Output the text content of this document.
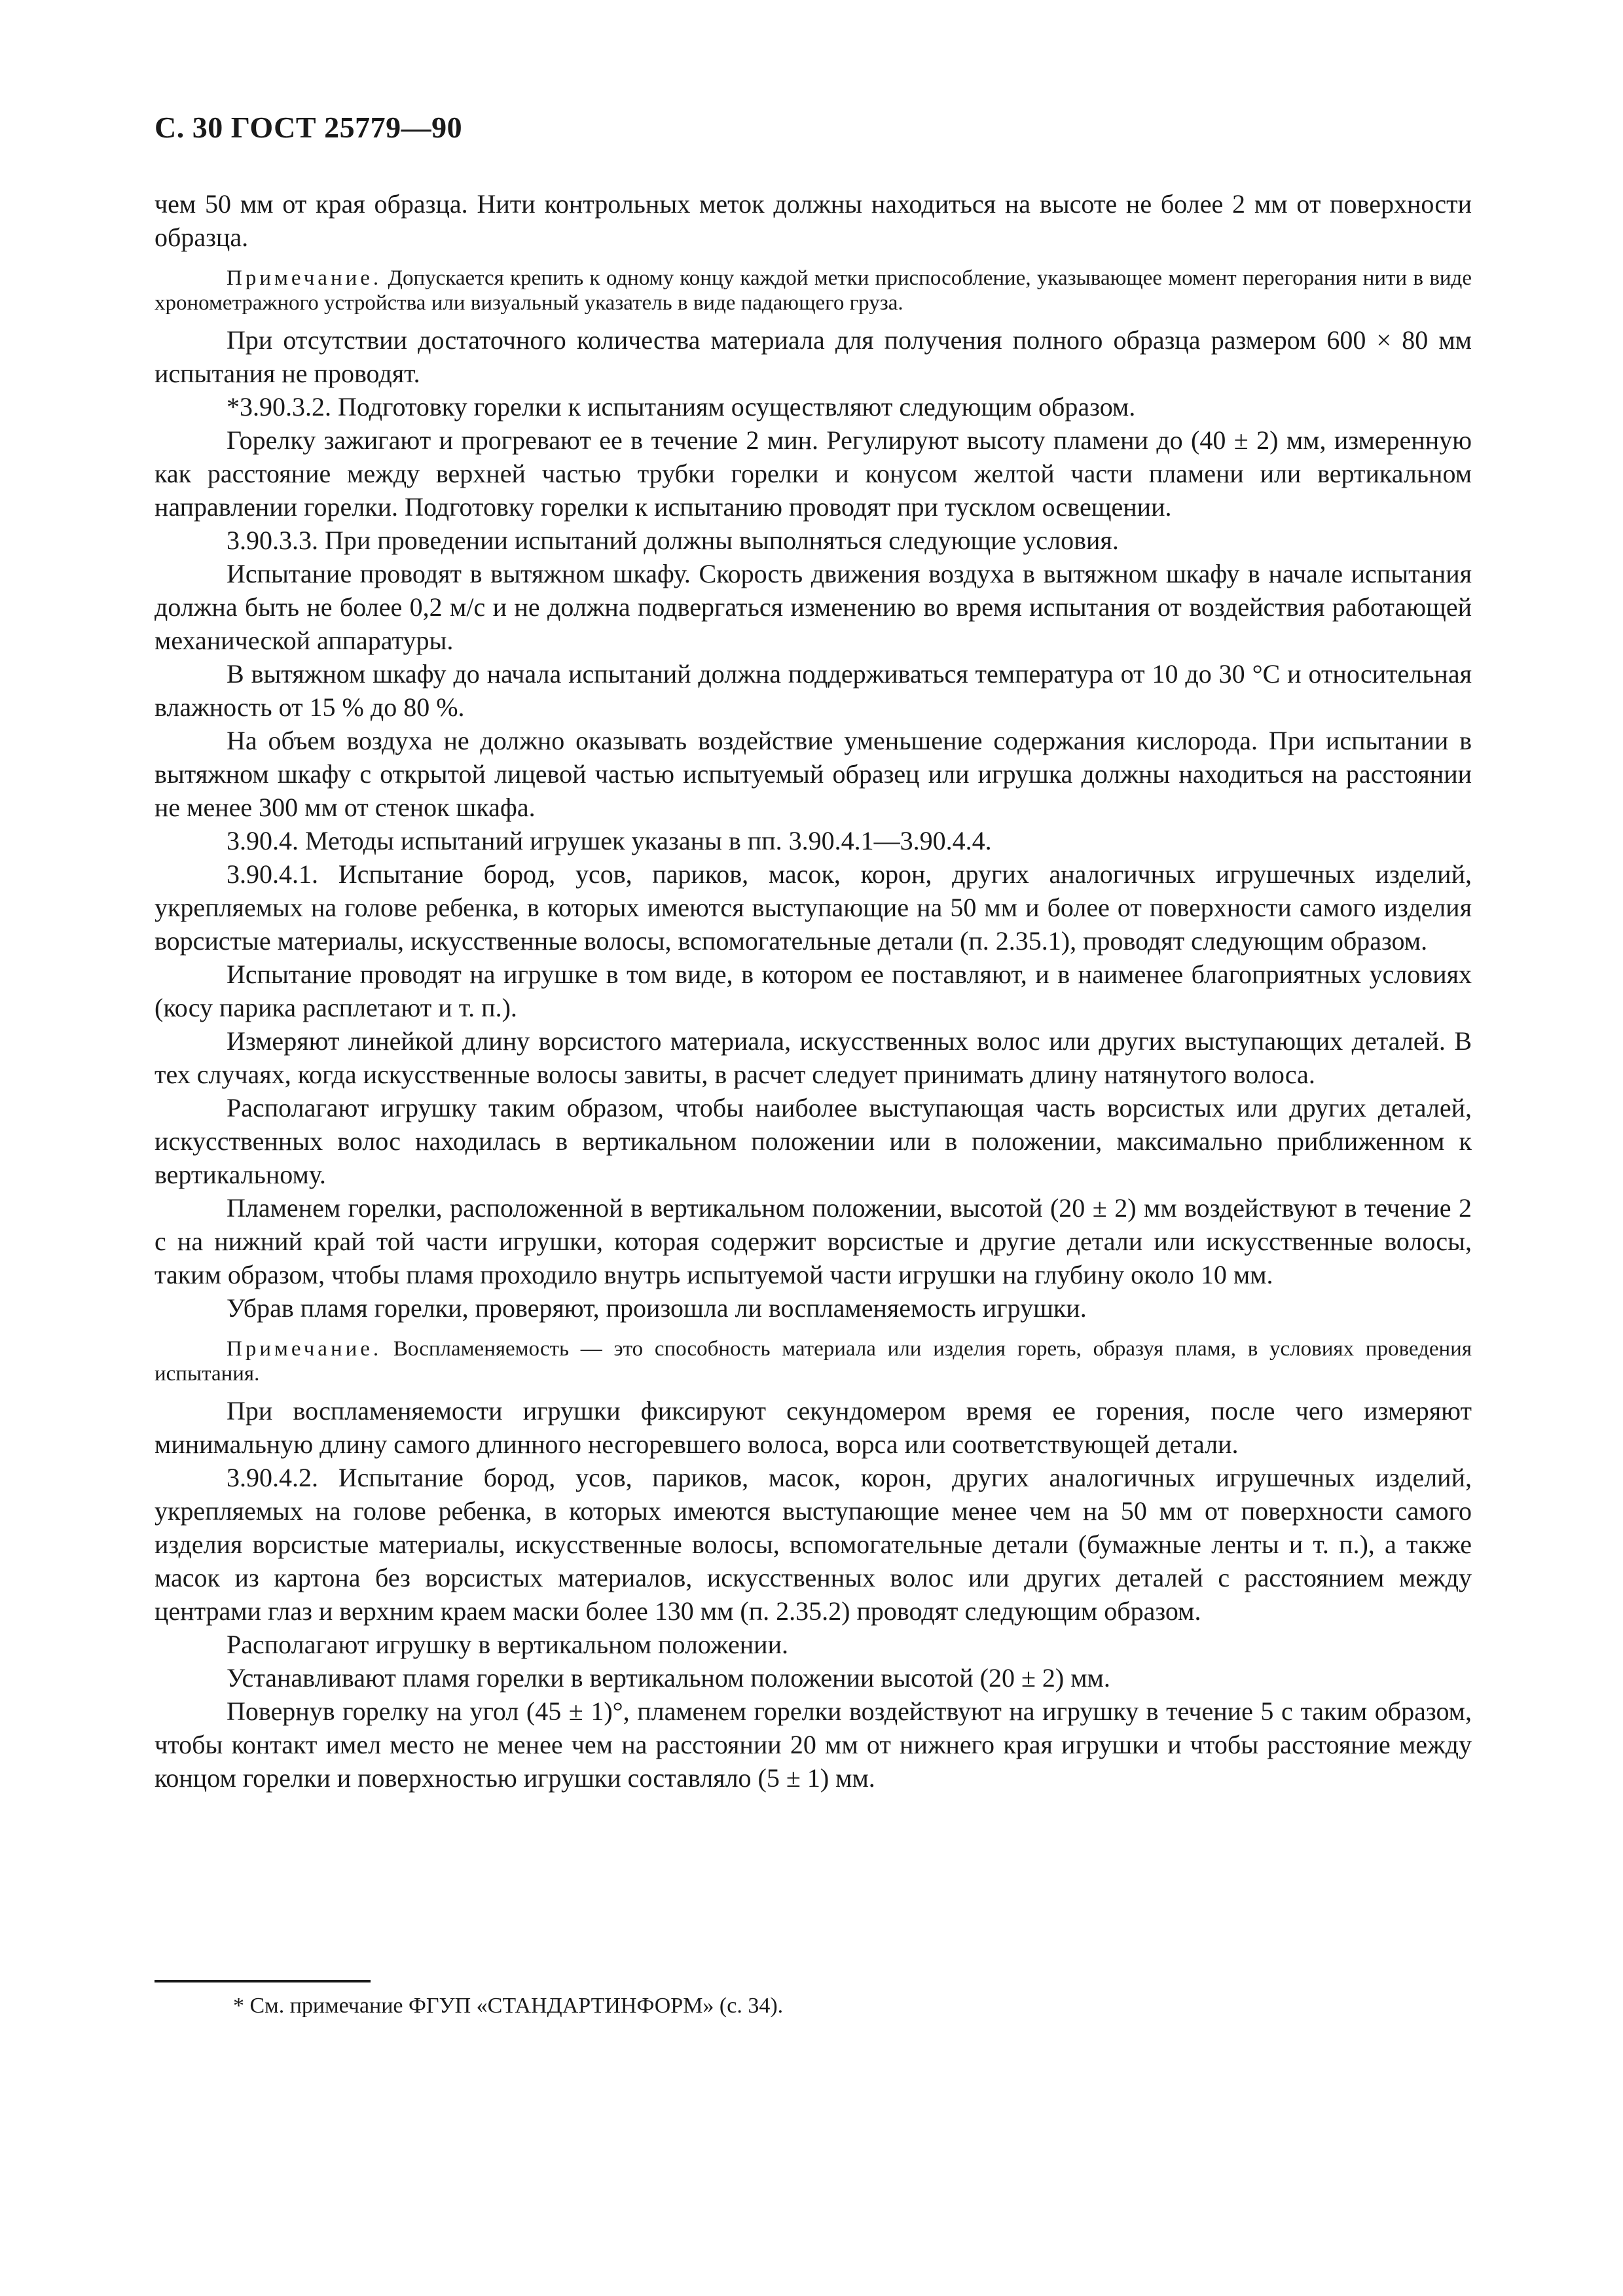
С. 30 ГОСТ 25779—90

чем 50 мм от края образца. Нити контрольных меток должны находиться на высоте не более 2 мм от поверхности образца.

Примечание. Допускается крепить к одному концу каждой метки приспособление, указывающее момент перегорания нити в виде хронометражного устройства или визуальный указатель в виде падающего груза.

При отсутствии достаточного количества материала для получения полного образца размером 600 × 80 мм испытания не проводят.

*3.90.3.2. Подготовку горелки к испытаниям осуществляют следующим образом.

Горелку зажигают и прогревают ее в течение 2 мин. Регулируют высоту пламени до (40 ± 2) мм, измеренную как расстояние между верхней частью трубки горелки и конусом желтой части пламени или вертикальном направлении горелки. Подготовку горелки к испытанию проводят при тусклом освещении.

3.90.3.3. При проведении испытаний должны выполняться следующие условия.

Испытание проводят в вытяжном шкафу. Скорость движения воздуха в вытяжном шкафу в начале испытания должна быть не более 0,2 м/с и не должна подвергаться изменению во время испытания от воздействия работающей механической аппаратуры.

В вытяжном шкафу до начала испытаний должна поддерживаться температура от 10 до 30 °С и относительная влажность от 15 % до 80 %.

На объем воздуха не должно оказывать воздействие уменьшение содержания кислорода. При испытании в вытяжном шкафу с открытой лицевой частью испытуемый образец или игрушка должны находиться на расстоянии не менее 300 мм от стенок шкафа.

3.90.4. Методы испытаний игрушек указаны в пп. 3.90.4.1—3.90.4.4.

3.90.4.1. Испытание бород, усов, париков, масок, корон, других аналогичных игрушечных изделий, укрепляемых на голове ребенка, в которых имеются выступающие на 50 мм и более от поверхности самого изделия ворсистые материалы, искусственные волосы, вспомогательные детали (п. 2.35.1), проводят следующим образом.

Испытание проводят на игрушке в том виде, в котором ее поставляют, и в наименее благоприятных условиях (косу парика расплетают и т. п.).

Измеряют линейкой длину ворсистого материала, искусственных волос или других выступающих деталей. В тех случаях, когда искусственные волосы завиты, в расчет следует принимать длину натянутого волоса.

Располагают игрушку таким образом, чтобы наиболее выступающая часть ворсистых или других деталей, искусственных волос находилась в вертикальном положении или в положении, максимально приближенном к вертикальному.

Пламенем горелки, расположенной в вертикальном положении, высотой (20 ± 2) мм воздействуют в течение 2 с на нижний край той части игрушки, которая содержит ворсистые и другие детали или искусственные волосы, таким образом, чтобы пламя проходило внутрь испытуемой части игрушки на глубину около 10 мм.

Убрав пламя горелки, проверяют, произошла ли воспламеняемость игрушки.

Примечание. Воспламеняемость — это способность материала или изделия гореть, образуя пламя, в условиях проведения испытания.

При воспламеняемости игрушки фиксируют секундомером время ее горения, после чего измеряют минимальную длину самого длинного несгоревшего волоса, ворса или соответствующей детали.

3.90.4.2. Испытание бород, усов, париков, масок, корон, других аналогичных игрушечных изделий, укрепляемых на голове ребенка, в которых имеются выступающие менее чем на 50 мм от поверхности самого изделия ворсистые материалы, искусственные волосы, вспомогательные детали (бумажные ленты и т. п.), а также масок из картона без ворсистых материалов, искусственных волос или других деталей с расстоянием между центрами глаз и верхним краем маски более 130 мм (п. 2.35.2) проводят следующим образом.

Располагают игрушку в вертикальном положении.

Устанавливают пламя горелки в вертикальном положении высотой (20 ± 2) мм.

Повернув горелку на угол (45 ± 1)°, пламенем горелки воздействуют на игрушку в течение 5 с таким образом, чтобы контакт имел место не менее чем на расстоянии 20 мм от нижнего края игрушки и чтобы расстояние между концом горелки и поверхностью игрушки составляло (5 ± 1) мм.

* См. примечание ФГУП «СТАНДАРТИНФОРМ» (с. 34).
